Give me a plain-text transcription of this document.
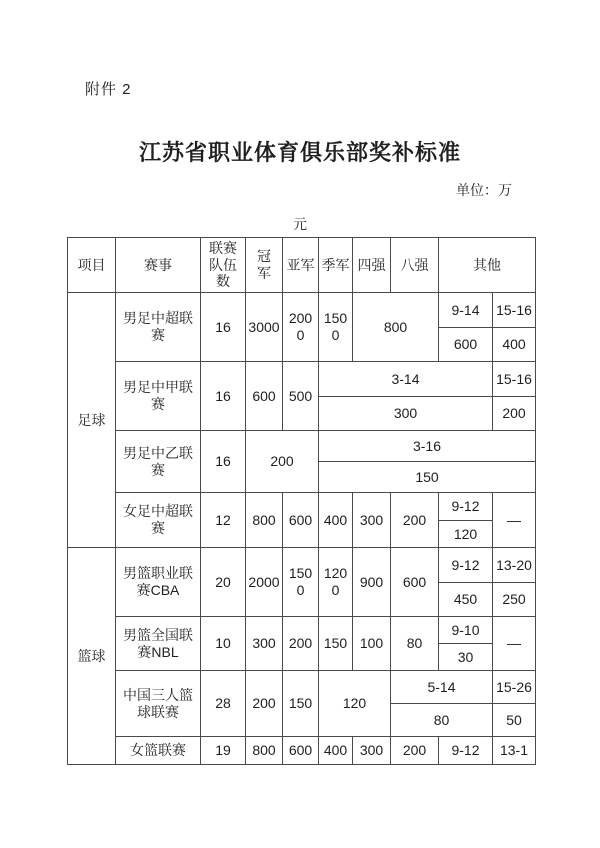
附件 2
江苏省职业体育俱乐部奖补标准
单位：万
元
项目	赛事	联赛队伍数	冠军	亚军	季军	四强	八强	其他	
足球	男足中超联赛	16	3000	2000	1500	800		9-14	15-16
								600	400
	男足中甲联赛	16	600	500	3-14				15-16
					300				200
	男足中乙联赛	16	200		3-16				
					150				
	女足中超联赛	12	800	600	400	300	200	9-12	—
								120	
篮球	男篮职业联赛CBA	20	2000	1500	1200	900	600	9-12	13-20
								450	250
	男篮全国联赛NBL	10	300	200	150	100	80	9-10	—
								30	
	中国三人篮球联赛	28	200	150	120		5-14		15-26
							80		50
	女篮联赛	19	800	600	400	300	200	9-12	13-1
